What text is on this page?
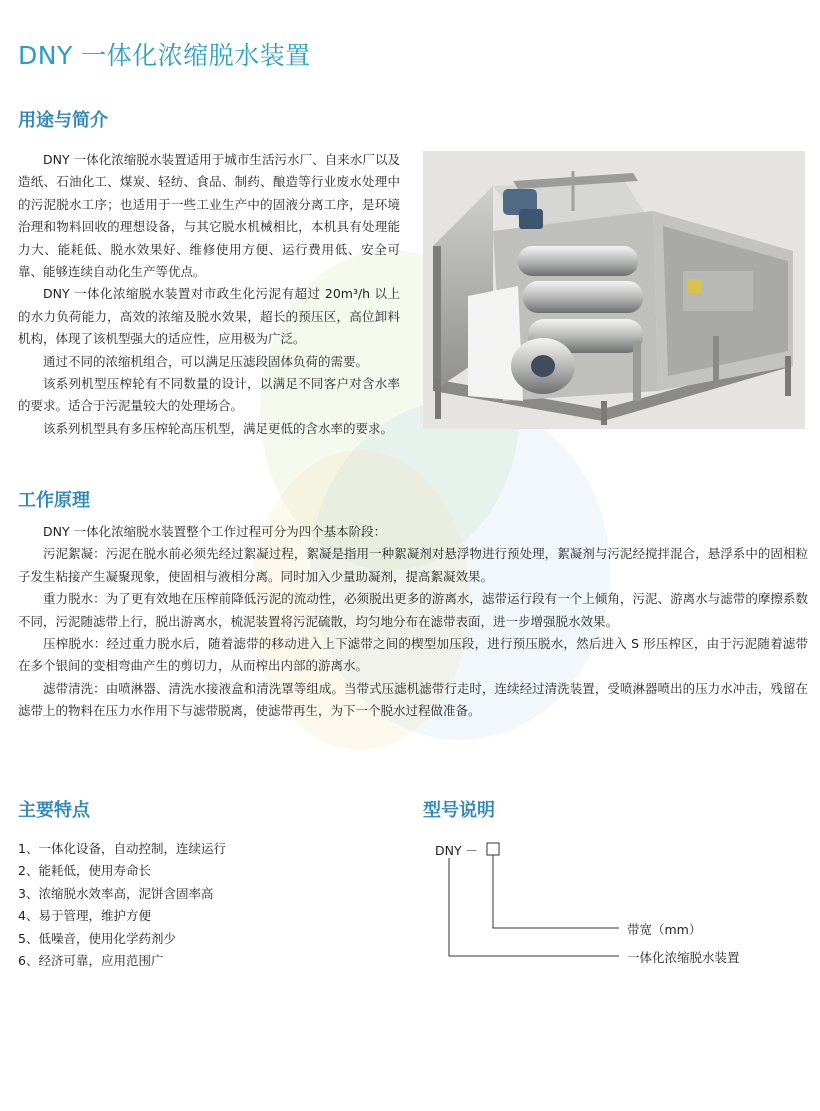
DNY 一体化浓缩脱水装置
用途与简介

DNY 一体化浓缩脱水装置适用于城市生活污水厂、自来水厂以及造纸、石油化工、煤炭、轻纺、食品、制药、酿造等行业废水处理中的污泥脱水工序；也适用于一些工业生产中的固液分离工序，是环境治理和物料回收的理想设备，与其它脱水机械相比，本机具有处理能力大、能耗低、脱水效果好、维修使用方便、运行费用低、安全可靠、能够连续自动化生产等优点。

DNY 一体化浓缩脱水装置对市政生化污泥有超过 20m³/h 以上的水力负荷能力，高效的浓缩及脱水效果，超长的预压区，高位卸料机构，体现了该机型强大的适应性，应用极为广泛。

通过不同的浓缩机组合，可以满足压滤段固体负荷的需要。

该系列机型压榨轮有不同数量的设计，以满足不同客户对含水率的要求。适合于污泥量较大的处理场合。

该系列机型具有多压榨轮高压机型，满足更低的含水率的要求。

工作原理

DNY 一体化浓缩脱水装置整个工作过程可分为四个基本阶段：

污泥絮凝：污泥在脱水前必须先经过絮凝过程，絮凝是指用一种絮凝剂对悬浮物进行预处理，絮凝剂与污泥经搅拌混合，悬浮系中的固相粒子发生粘接产生凝聚现象，使固相与液相分离。同时加入少量助凝剂，提高絮凝效果。

重力脱水：为了更有效地在压榨前降低污泥的流动性，必须脱出更多的游离水，滤带运行段有一个上倾角，污泥、游离水与滤带的摩擦系数不同，污泥随滤带上行，脱出游离水，梳泥装置将污泥硫散，均匀地分布在滤带表面，进一步增强脱水效果。

压榨脱水：经过重力脱水后，随着滤带的移动进入上下滤带之间的楔型加压段，进行预压脱水，然后进入 S 形压榨区，由于污泥随着滤带在多个银间的变相弯曲产生的剪切力，从而榨出内部的游离水。

滤带清洗：由喷淋器、清洗水接液盒和清洗罩等组成。当带式压滤机滤带行走时，连续经过清洗装置，受喷淋器喷出的压力水冲击，残留在滤带上的物料在压力水作用下与滤带脱离，使滤带再生，为下一个脱水过程做准备。

主要特点
1、一体化设备，自动控制，连续运行
2、能耗低，使用寿命长
3、浓缩脱水效率高，泥饼含固率高
4、易于管理，维护方便
5、低噪音，使用化学药剂少
6、经济可靠，应用范围广
型号说明
DNY －
带宽（mm）
一体化浓缩脱水装置
